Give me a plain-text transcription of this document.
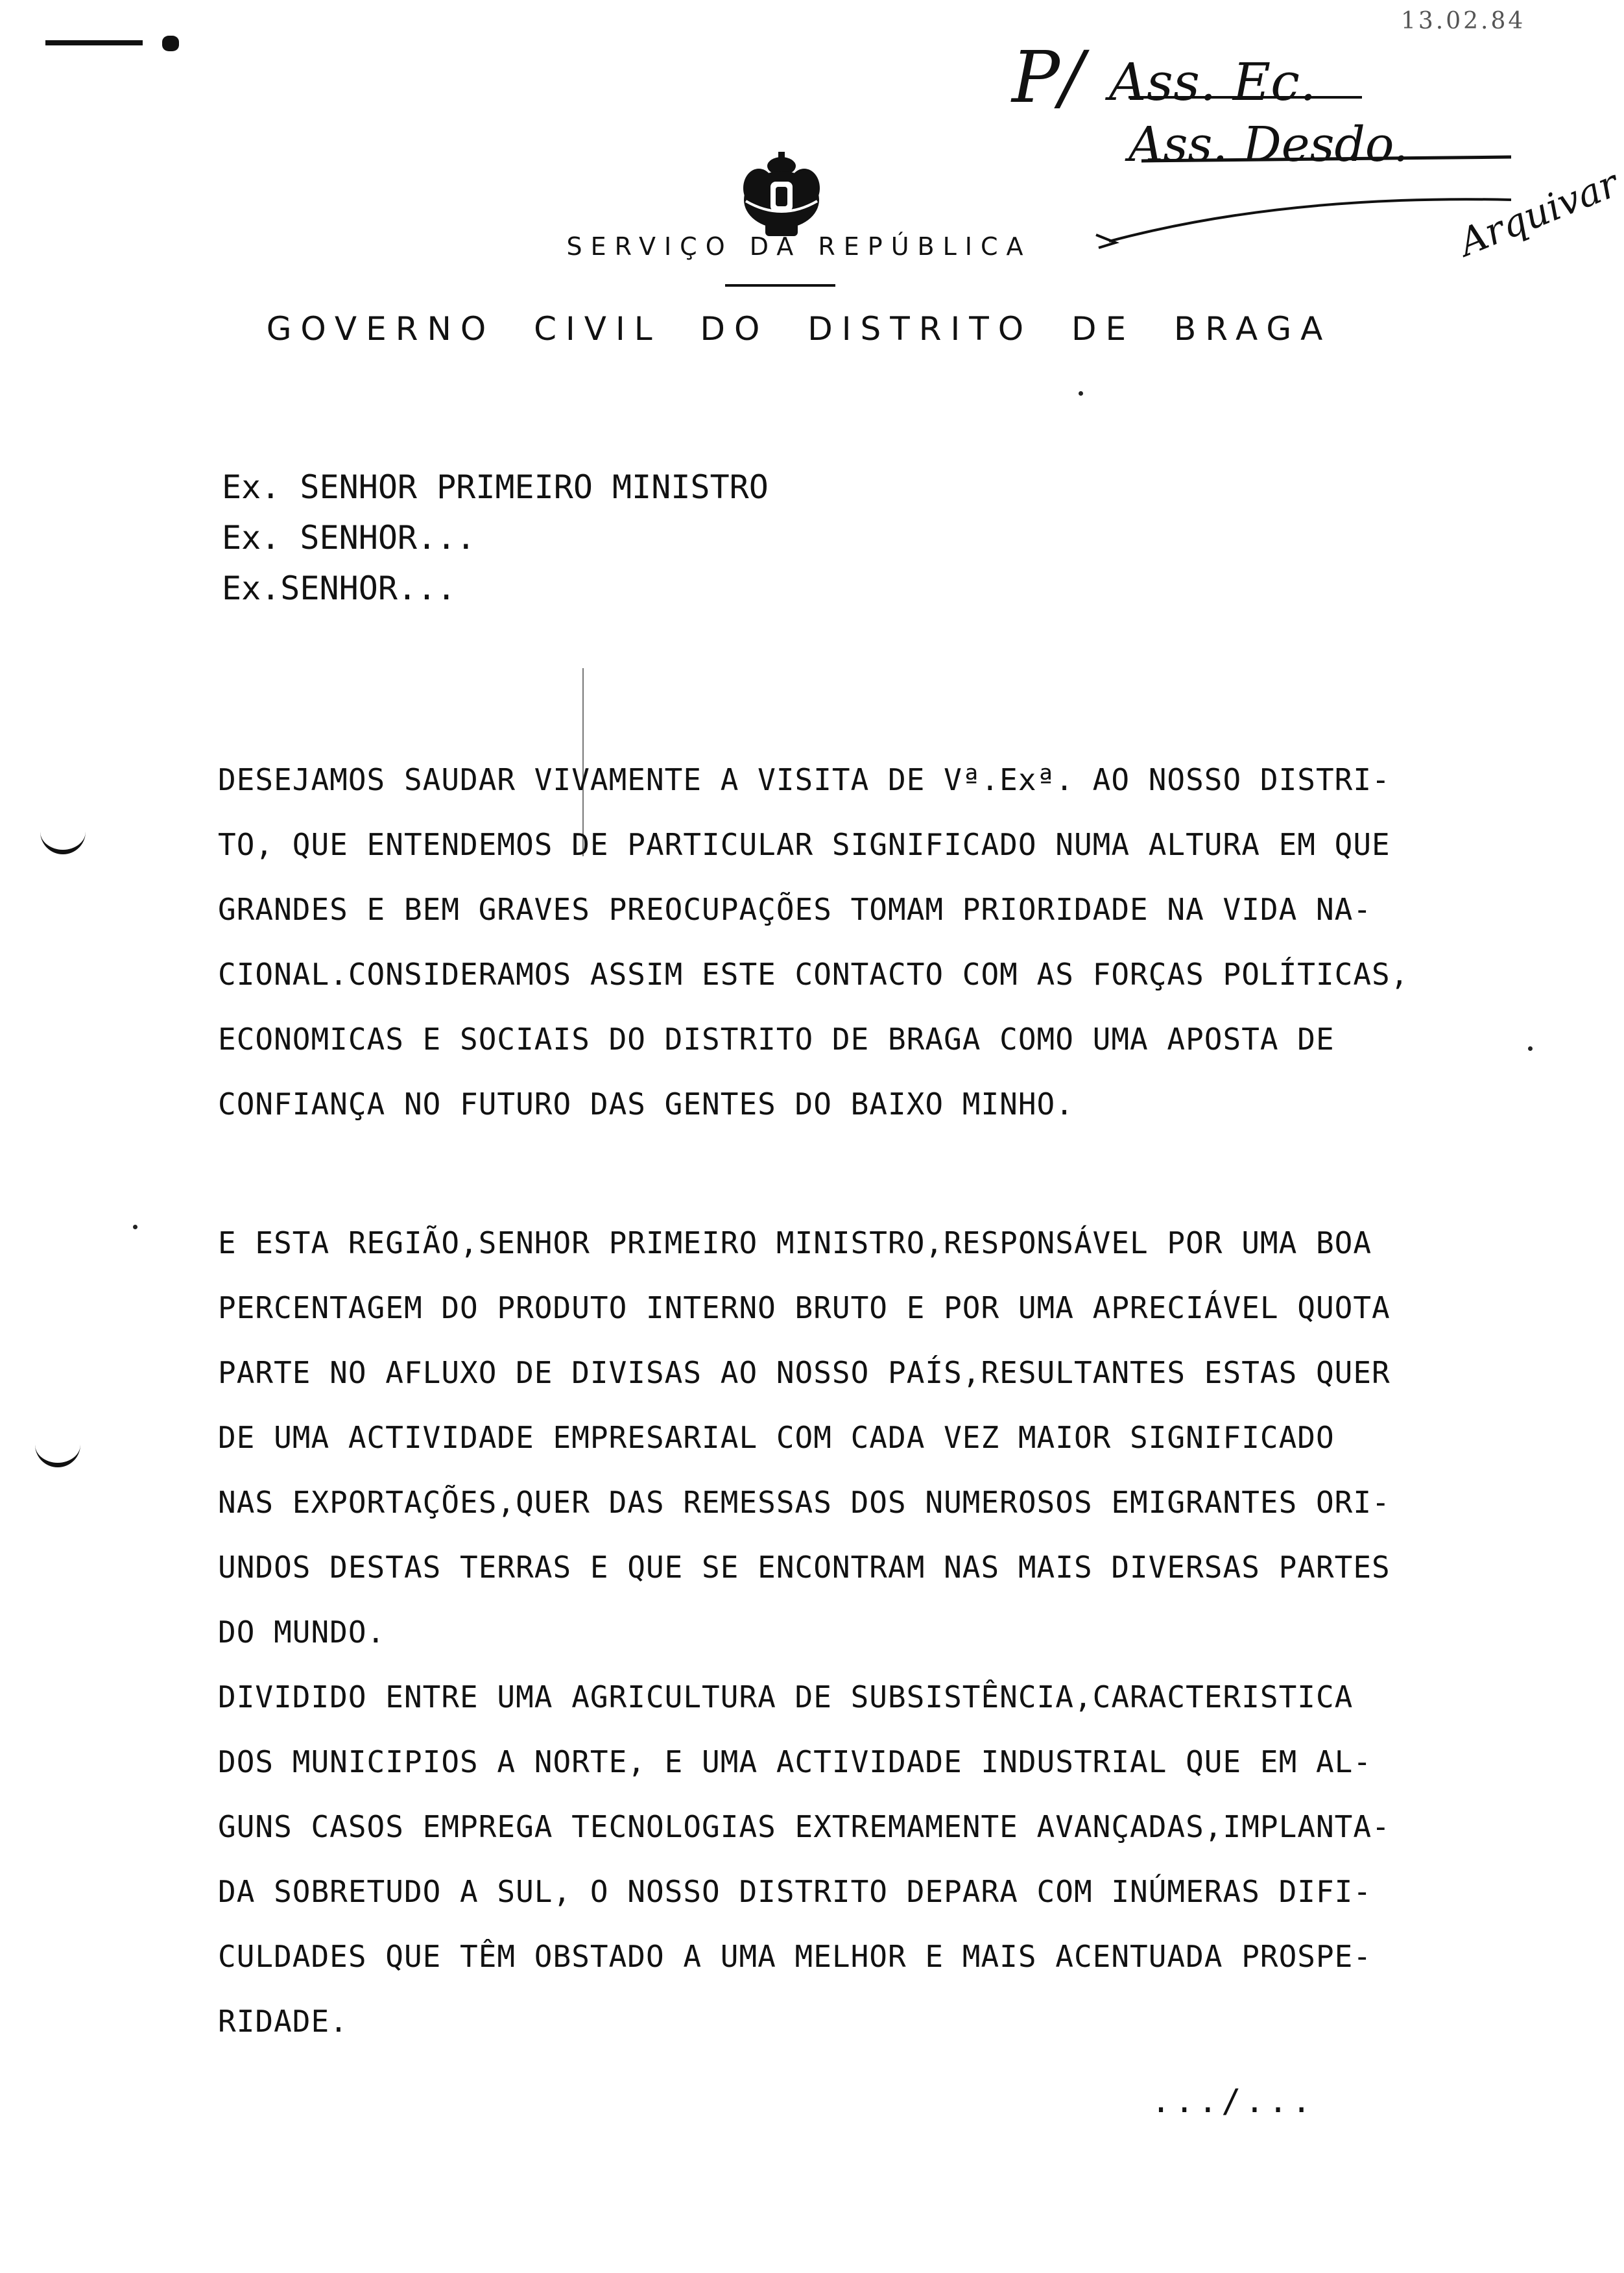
13.02.84
P/ Ass. Ec.
Ass. Desdo.
Arquivar
SERVIÇO DA REPÚBLICA
GOVERNO CIVIL DO DISTRITO DE BRAGA
Ex. SENHOR PRIMEIRO MINISTRO
Ex. SENHOR...
Ex.SENHOR...
DESEJAMOS SAUDAR VIVAMENTE A VISITA DE Vª.Exª. AO NOSSO DISTRI-
TO, QUE ENTENDEMOS DE PARTICULAR SIGNIFICADO NUMA ALTURA EM QUE
GRANDES E BEM GRAVES PREOCUPAÇÕES TOMAM PRIORIDADE NA VIDA NA-
CIONAL.CONSIDERAMOS ASSIM ESTE CONTACTO COM AS FORÇAS POLÍTICAS,
ECONOMICAS E SOCIAIS DO DISTRITO DE BRAGA COMO UMA APOSTA DE
CONFIANÇA NO FUTURO DAS GENTES DO BAIXO MINHO.
E ESTA REGIÃO,SENHOR PRIMEIRO MINISTRO,RESPONSÁVEL POR UMA BOA
PERCENTAGEM DO PRODUTO INTERNO BRUTO E POR UMA APRECIÁVEL QUOTA
PARTE NO AFLUXO DE DIVISAS AO NOSSO PAÍS,RESULTANTES ESTAS QUER
DE UMA ACTIVIDADE EMPRESARIAL COM CADA VEZ MAIOR SIGNIFICADO
NAS EXPORTAÇÕES,QUER DAS REMESSAS DOS NUMEROSOS EMIGRANTES ORI-
UNDOS DESTAS TERRAS E QUE SE ENCONTRAM NAS MAIS DIVERSAS PARTES
DO MUNDO.
DIVIDIDO ENTRE UMA AGRICULTURA DE SUBSISTÊNCIA,CARACTERISTICA
DOS MUNICIPIOS A NORTE, E UMA ACTIVIDADE INDUSTRIAL QUE EM AL-
GUNS CASOS EMPREGA TECNOLOGIAS EXTREMAMENTE AVANÇADAS,IMPLANTA-
DA SOBRETUDO A SUL, O NOSSO DISTRITO DEPARA COM INÚMERAS DIFI-
CULDADES QUE TÊM OBSTADO A UMA MELHOR E MAIS ACENTUADA PROSPE-
RIDADE.
.../...
